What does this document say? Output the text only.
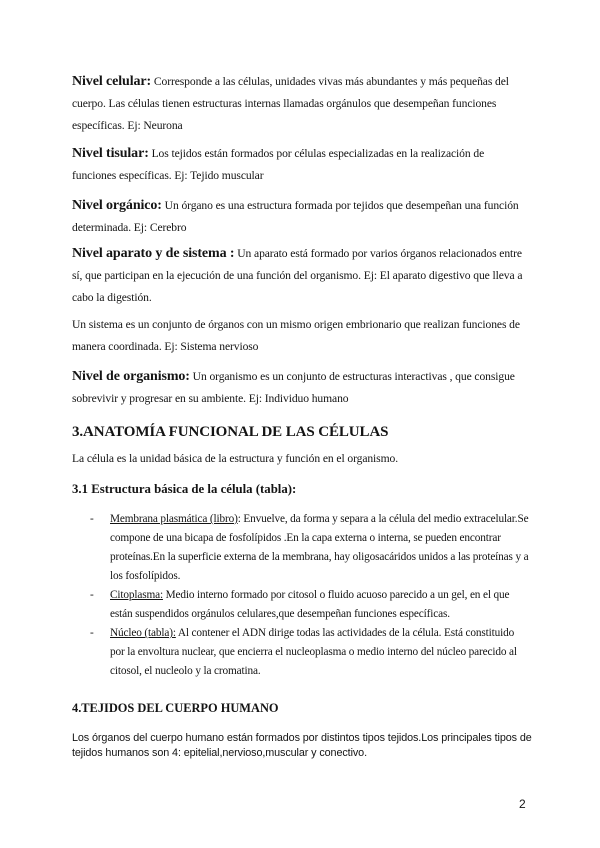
Nivel celular: Corresponde a las células, unidades vivas más abundantes y más pequeñas del cuerpo. Las células tienen estructuras internas llamadas orgánulos que desempeñan funciones específicas. Ej: Neurona

Nivel tisular: Los tejidos están formados por células especializadas en la realización de funciones específicas. Ej: Tejido muscular

Nivel orgánico: Un órgano es una estructura formada por tejidos que desempeñan una función determinada. Ej: Cerebro

Nivel aparato y de sistema : Un aparato está formado por varios órganos relacionados entre sí, que participan en la ejecución de una función del organismo. Ej: El aparato digestivo que lleva a cabo la digestión.

Un sistema es un conjunto de órganos con un mismo origen embrionario que realizan funciones de manera coordinada. Ej: Sistema nervioso

Nivel de organismo: Un organismo es un conjunto de estructuras interactivas , que consigue sobrevivir y progresar en su ambiente. Ej: Individuo humano

3.ANATOMÍA FUNCIONAL DE LAS CÉLULAS

La célula es la unidad básica de la estructura y función en el organismo.

3.1 Estructura básica de la célula (tabla):
- Membrana plasmática (libro): Envuelve, da forma y separa a la célula del medio extracelular.Se compone de una bicapa de fosfolípidos .En la capa externa o interna, se pueden encontrar proteínas.En la superficie externa de la membrana, hay oligosacáridos unidos a las proteínas y a los fosfolípidos.
- Citoplasma: Medio interno formado por citosol o fluido acuoso parecido a un gel, en el que están suspendidos orgánulos celulares,que desempeñan funciones específicas.
- Núcleo (tabla): Al contener el ADN dirige todas las actividades de la célula. Está constituido por la envoltura nuclear, que encierra el nucleoplasma o medio interno del núcleo parecido al citosol, el nucleolo y la cromatina.
4.TEJIDOS DEL CUERPO HUMANO

Los órganos del cuerpo humano están formados por distintos tipos tejidos.Los principales tipos de tejidos humanos son 4: epitelial,nervioso,muscular y conectivo.

2
